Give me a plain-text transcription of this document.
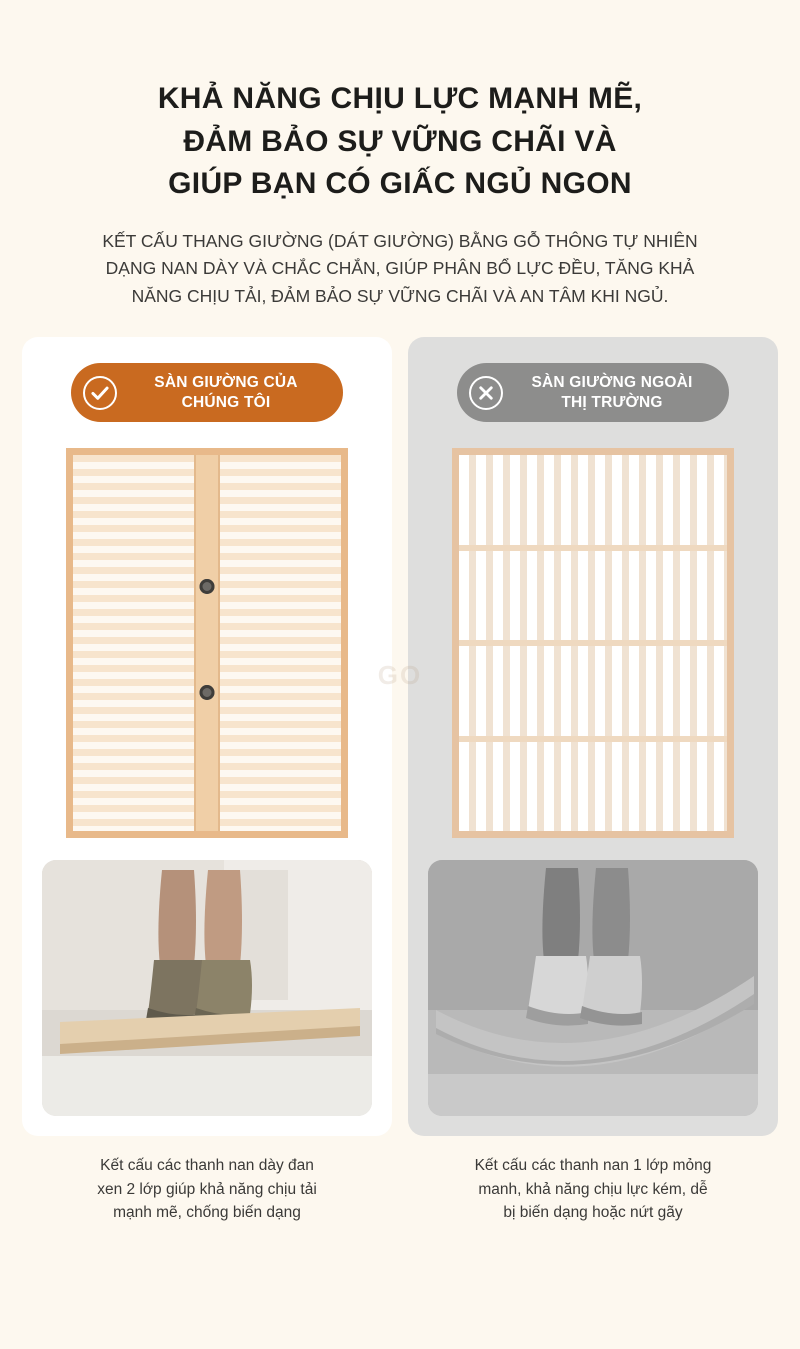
KHẢ NĂNG CHỊU LỰC MẠNH MẼ,
ĐẢM BẢO SỰ VỮNG CHÃI VÀ
GIÚP BẠN CÓ GIẤC NGỦ NGON
KẾT CẤU THANG GIƯỜNG (DÁT GIƯỜNG) BẰNG GỖ THÔNG TỰ NHIÊN
DẠNG NAN DÀY VÀ CHẮC CHẮN, GIÚP PHÂN BỔ LỰC ĐỀU, TĂNG KHẢ
NĂNG CHỊU TẢI, ĐẢM BẢO SỰ VỮNG CHÃI VÀ AN TÂM KHI NGỦ.
SÀN GIƯỜNG CỦA
CHÚNG TÔI
SÀN GIƯỜNG NGOÀI
THỊ TRƯỜNG
GO
Kết cấu các thanh nan dày đan
xen 2 lớp giúp khả năng chịu tải
mạnh mẽ, chống biến dạng
Kết cấu các thanh nan 1 lớp mỏng
manh, khả năng chịu lực kém, dễ
bị biến dạng hoặc nứt gãy
